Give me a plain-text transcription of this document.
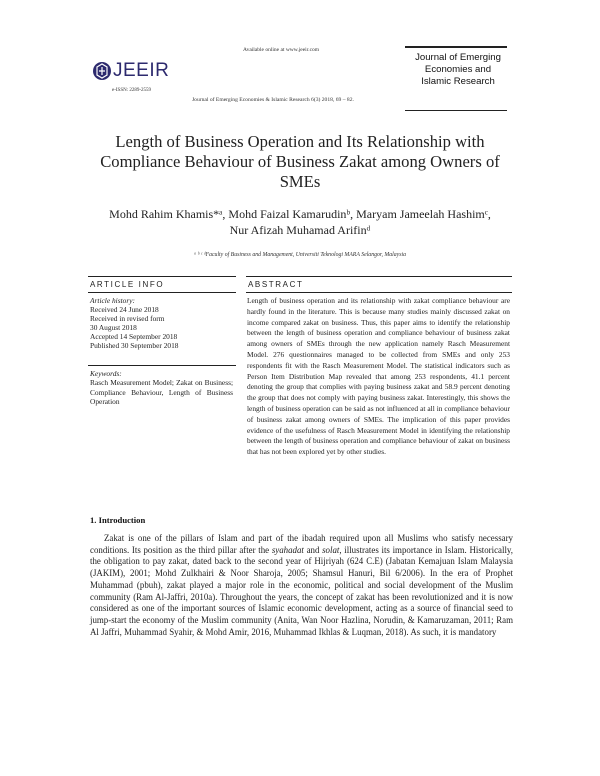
Available online at www.jeeir.com
JEEIR
e-ISSN: 2289-2559
Journal of Emerging Economies & Islamic Research 6(3) 2018, 69 – 82.
Journal of Emerging Economies and Islamic Research
Length of Business Operation and Its Relationship with Compliance Behaviour of Business Zakat among Owners of SMEs
Mohd Rahim Khamis*ᵃ, Mohd Faizal Kamarudinᵇ, Maryam Jameelah Hashimᶜ,
Nur Afizah Muhamad Arifinᵈ
ᵃ ᵇ ᶜ ᵈFaculty of Business and Management, Universiti Teknologi MARA Selangor, Malaysia
ARTICLE INFO
Article history:
Received 24 June 2018
Received in revised form
30 August 2018
Accepted 14 September 2018
Published 30 September 2018
Keywords:
Rasch Measurement Model; Zakat on Business; Compliance Behaviour, Length of Business Operation
ABSTRACT
Length of business operation and its relationship with zakat compliance behaviour are hardly found in the literature. This is because many studies mainly discussed zakat on income compared zakat on business. Thus, this paper aims to identify the relationship between the length of business operation and compliance behaviour of business zakat among owners of SMEs through the new application namely Rasch Measurement Model. 276 questionnaires managed to be collected from SMEs and only 253 respondents fit with the Rasch Measurement Model. The statistical indicators such as Person Item Distribution Map revealed that among 253 respondents, 41.1 percent denoting the group that complies with paying business zakat and 58.9 percent denoting the group that does not comply with paying business zakat. Interestingly, this shows the length of business operation can be said as not influenced at all in compliance behaviour of business zakat among owners of SMEs. The implication of this paper provides evidence of the usefulness of Rasch Measurement Model in identifying the relationship between the length of business operation and compliance behaviour of zakat on business that has not been explored yet by other studies.
1. Introduction
Zakat is one of the pillars of Islam and part of the ibadah required upon all Muslims who satisfy necessary conditions. Its position as the third pillar after the syahadat and solat, illustrates its importance in Islam. Historically, the obligation to pay zakat, dated back to the second year of Hijriyah (624 C.E) (Jabatan Kemajuan Islam Malaysia (JAKIM), 2001; Mohd Zulkhairi & Noor Sharoja, 2005; Shamsul Hanuri, Bil 6/2006). In the era of Prophet Muhammad (pbuh), zakat played a major role in the economic, political and social development of the Muslim community (Ram Al-Jaffri, 2010a). Throughout the years, the concept of zakat has been revolutionized and it is now considered as one of the important sources of Islamic economic development, acting as a source of financial seed to jump-start the economy of the Muslim community (Anita, Wan Noor Hazlina, Norudin, & Kamaruzaman, 2011; Ram Al Jaffri, Muhammad Syahir, & Mohd Amir, 2016, Muhammad Ikhlas & Luqman, 2018). As such, it is mandatory
